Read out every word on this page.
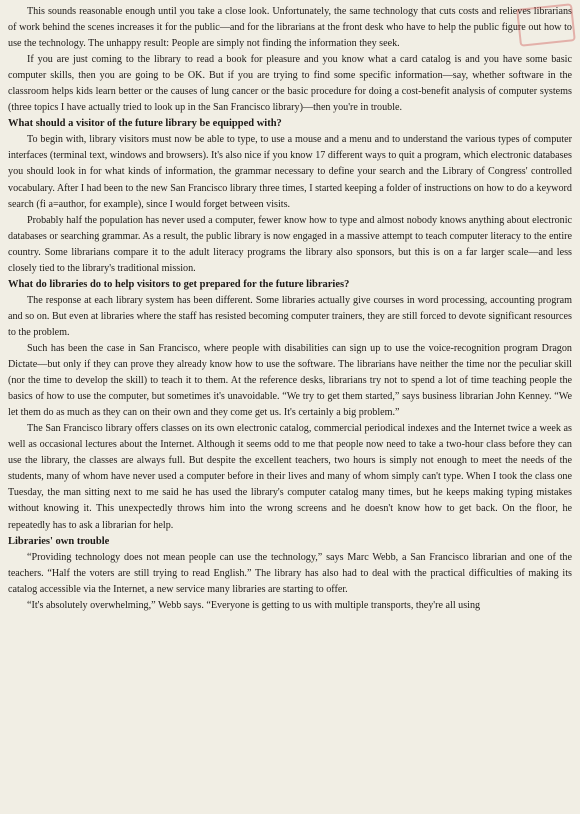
This sounds reasonable enough until you take a close look. Unfortunately, the same technology that cuts costs and relieves librarians of work behind the scenes increases it for the public—and for the librarians at the front desk who have to help the public figure out how to use the technology. The unhappy result: People are simply not finding the information they seek.

If you are just coming to the library to read a book for pleasure and you know what a card catalog is and you have some basic computer skills, then you are going to be OK. But if you are trying to find some specific information—say, whether software in the classroom helps kids learn better or the causes of lung cancer or the basic procedure for doing a cost-benefit analysis of computer systems (three topics I have actually tried to look up in the San Francisco library)—then you're in trouble.

What should a visitor of the future library be equipped with?

To begin with, library visitors must now be able to type, to use a mouse and a menu and to understand the various types of computer interfaces (terminal text, windows and browsers). It's also nice if you know 17 different ways to quit a program, which electronic databases you should look in for what kinds of information, the grammar necessary to define your search and the Library of Congress' controlled vocabulary. After I had been to the new San Francisco library three times, I started keeping a folder of instructions on how to do a keyword search (fi a=author, for example), since I would forget between visits.

Probably half the population has never used a computer, fewer know how to type and almost nobody knows anything about electronic databases or searching grammar. As a result, the public library is now engaged in a massive attempt to teach computer literacy to the entire country. Some librarians compare it to the adult literacy programs the library also sponsors, but this is on a far larger scale—and less closely tied to the library's traditional mission.

What do libraries do to help visitors to get prepared for the future libraries?

The response at each library system has been different. Some libraries actually give courses in word processing, accounting program and so on. But even at libraries where the staff has resisted becoming computer trainers, they are still forced to devote significant resources to the problem.

Such has been the case in San Francisco, where people with disabilities can sign up to use the voice-recognition program Dragon Dictate—but only if they can prove they already know how to use the software. The librarians have neither the time nor the peculiar skill (nor the time to develop the skill) to teach it to them. At the reference desks, librarians try not to spend a lot of time teaching people the basics of how to use the computer, but sometimes it's unavoidable. “We try to get them started,” says business librarian John Kenney. “We let them do as much as they can on their own and they come get us. It's certainly a big problem.”

The San Francisco library offers classes on its own electronic catalog, commercial periodical indexes and the Internet twice a week as well as occasional lectures about the Internet. Although it seems odd to me that people now need to take a two-hour class before they can use the library, the classes are always full. But despite the excellent teachers, two hours is simply not enough to meet the needs of the students, many of whom have never used a computer before in their lives and many of whom simply can't type. When I took the class one Tuesday, the man sitting next to me said he has used the library's computer catalog many times, but he keeps making typing mistakes without knowing it. This unexpectedly throws him into the wrong screens and he doesn't know how to get back. On the floor, he repeatedly has to ask a librarian for help.

Libraries' own trouble

“Providing technology does not mean people can use the technology,” says Marc Webb, a San Francisco librarian and one of the teachers. “Half the voters are still trying to read English.” The library has also had to deal with the practical difficulties of making its catalog accessible via the Internet, a new service many libraries are starting to offer.

“It's absolutely overwhelming,” Webb says. “Everyone is getting to us with multiple transports, they're all using
